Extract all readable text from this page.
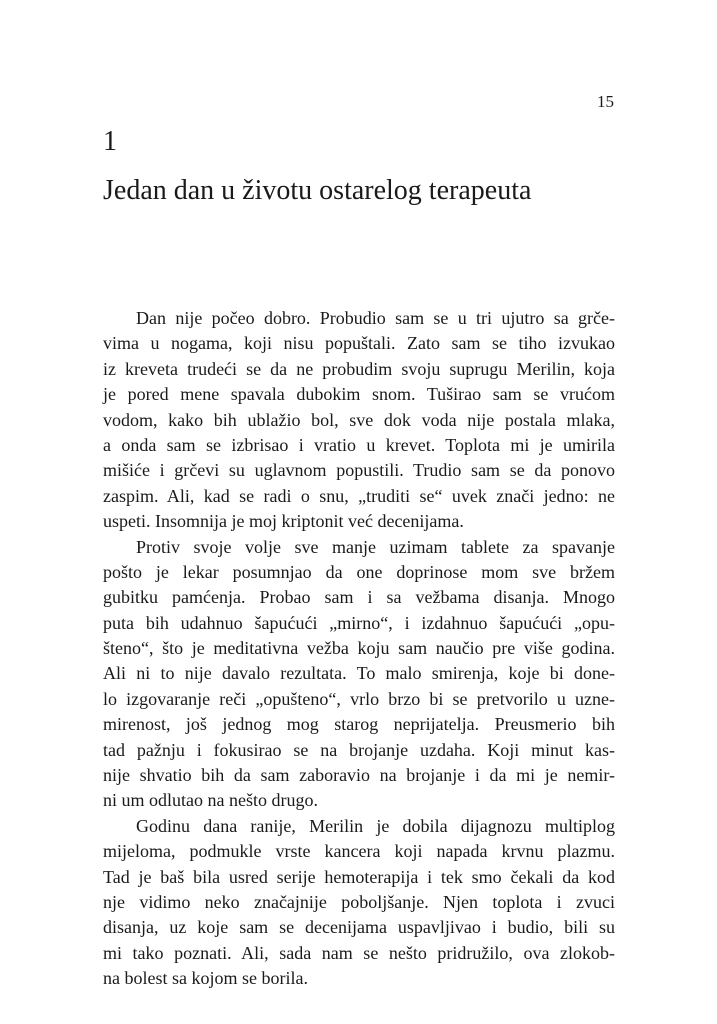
15
1
Jedan dan u životu ostarelog terapeuta
Dan nije počeo dobro. Probudio sam se u tri ujutro sa grče-
vima u nogama, koji nisu popuštali. Zato sam se tiho izvukao
iz kreveta trudeći se da ne probudim svoju suprugu Merilin, koja
je pored mene spavala dubokim snom. Tuširao sam se vrućom
vodom, kako bih ublažio bol, sve dok voda nije postala mlaka,
a onda sam se izbrisao i vratio u krevet. Toplota mi je umirila
mišiće i grčevi su uglavnom popustili. Trudio sam se da ponovo
zaspim. Ali, kad se radi o snu, „truditi se“ uvek znači jedno: ne
uspeti. Insomnija je moj kriptonit već decenijama.
Protiv svoje volje sve manje uzimam tablete za spavanje
pošto je lekar posumnjao da one doprinose mom sve bržem
gubitku pamćenja. Probao sam i sa vežbama disanja. Mnogo
puta bih udahnuo šapućući „mirno“, i izdahnuo šapućući „opu-
šteno“, što je meditativna vežba koju sam naučio pre više godina.
Ali ni to nije davalo rezultata. To malo smirenja, koje bi done-
lo izgovaranje reči „opušteno“, vrlo brzo bi se pretvorilo u uzne-
mirenost, još jednog mog starog neprijatelja. Preusmerio bih
tad pažnju i fokusirao se na brojanje uzdaha. Koji minut kas-
nije shvatio bih da sam zaboravio na brojanje i da mi je nemir-
ni um odlutao na nešto drugo.
Godinu dana ranije, Merilin je dobila dijagnozu multiplog
mijeloma, podmukle vrste kancera koji napada krvnu plazmu.
Tad je baš bila usred serije hemoterapija i tek smo čekali da kod
nje vidimo neko značajnije poboljšanje. Njen toplota i zvuci
disanja, uz koje sam se decenijama uspavljivao i budio, bili su
mi tako poznati. Ali, sada nam se nešto pridružilo, ova zlokob-
na bolest sa kojom se borila.
